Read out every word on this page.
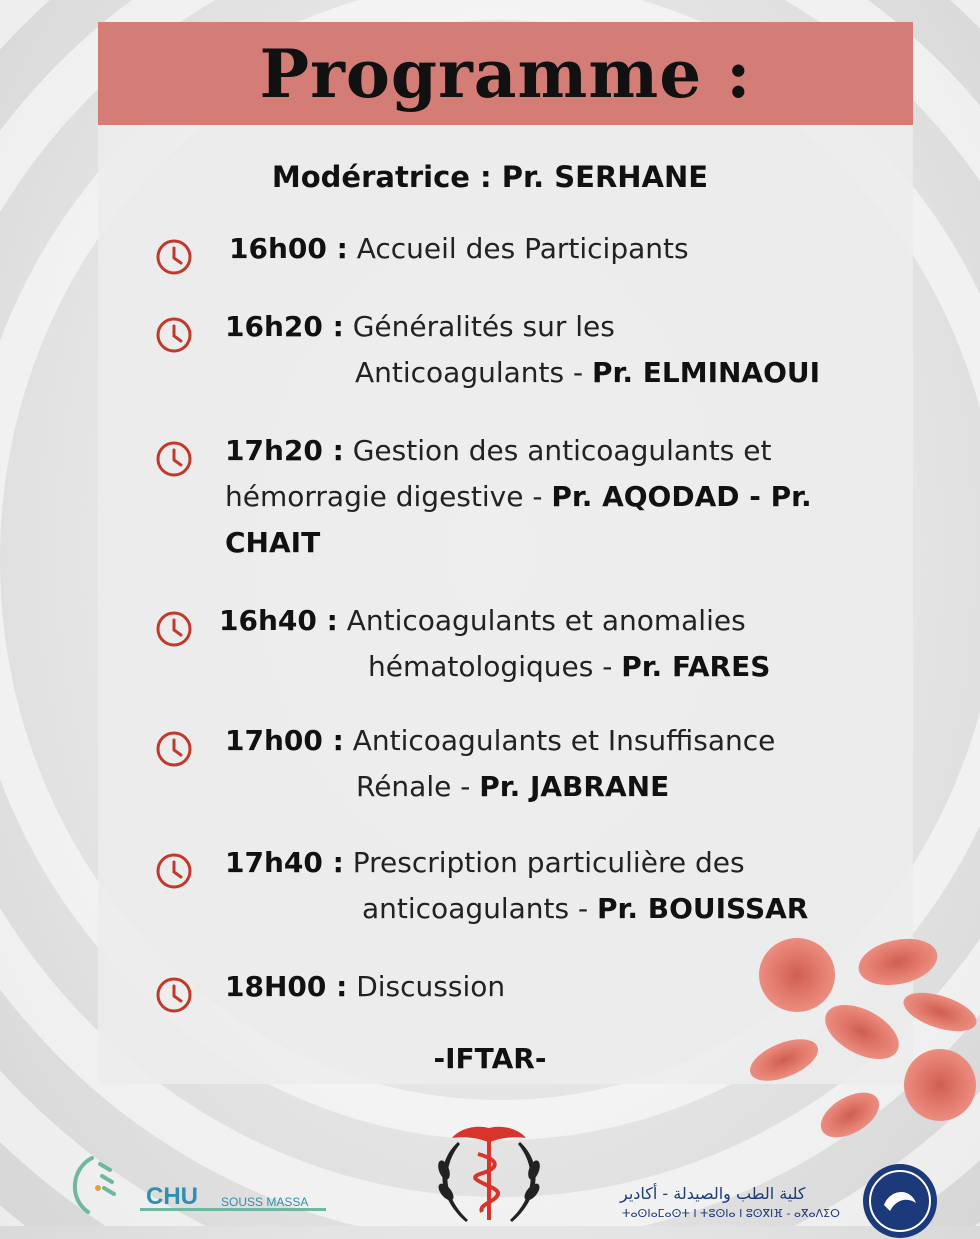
Programme :
Modératrice : Pr. SERHANE
16h00 : Accueil des Participants
16h20 : Généralités sur les
Anticoagulants - Pr. ELMINAOUI
17h20 : Gestion des anticoagulants et
hémorragie digestive - Pr. AQODAD - Pr.
CHAIT
16h40 : Anticoagulants et anomalies
hématologiques - Pr. FARES
17h00 : Anticoagulants et Insuffisance
Rénale - Pr. JABRANE
17h40 : Prescription particulière des
anticoagulants - Pr. BOUISSAR
18H00 : Discussion
-IFTAR-
CHU SOUSS MASSA	كلية الطب والصيدلة - أكادير
ⵜⴰⵙⵏⴰⵎⴰⵙⵜ ⵏ ⵜⵓⵙⵏⴰ ⵏ ⵓⵙⴳⵏⴼ - ⴰⴳⴰⴷⵉⵔ
